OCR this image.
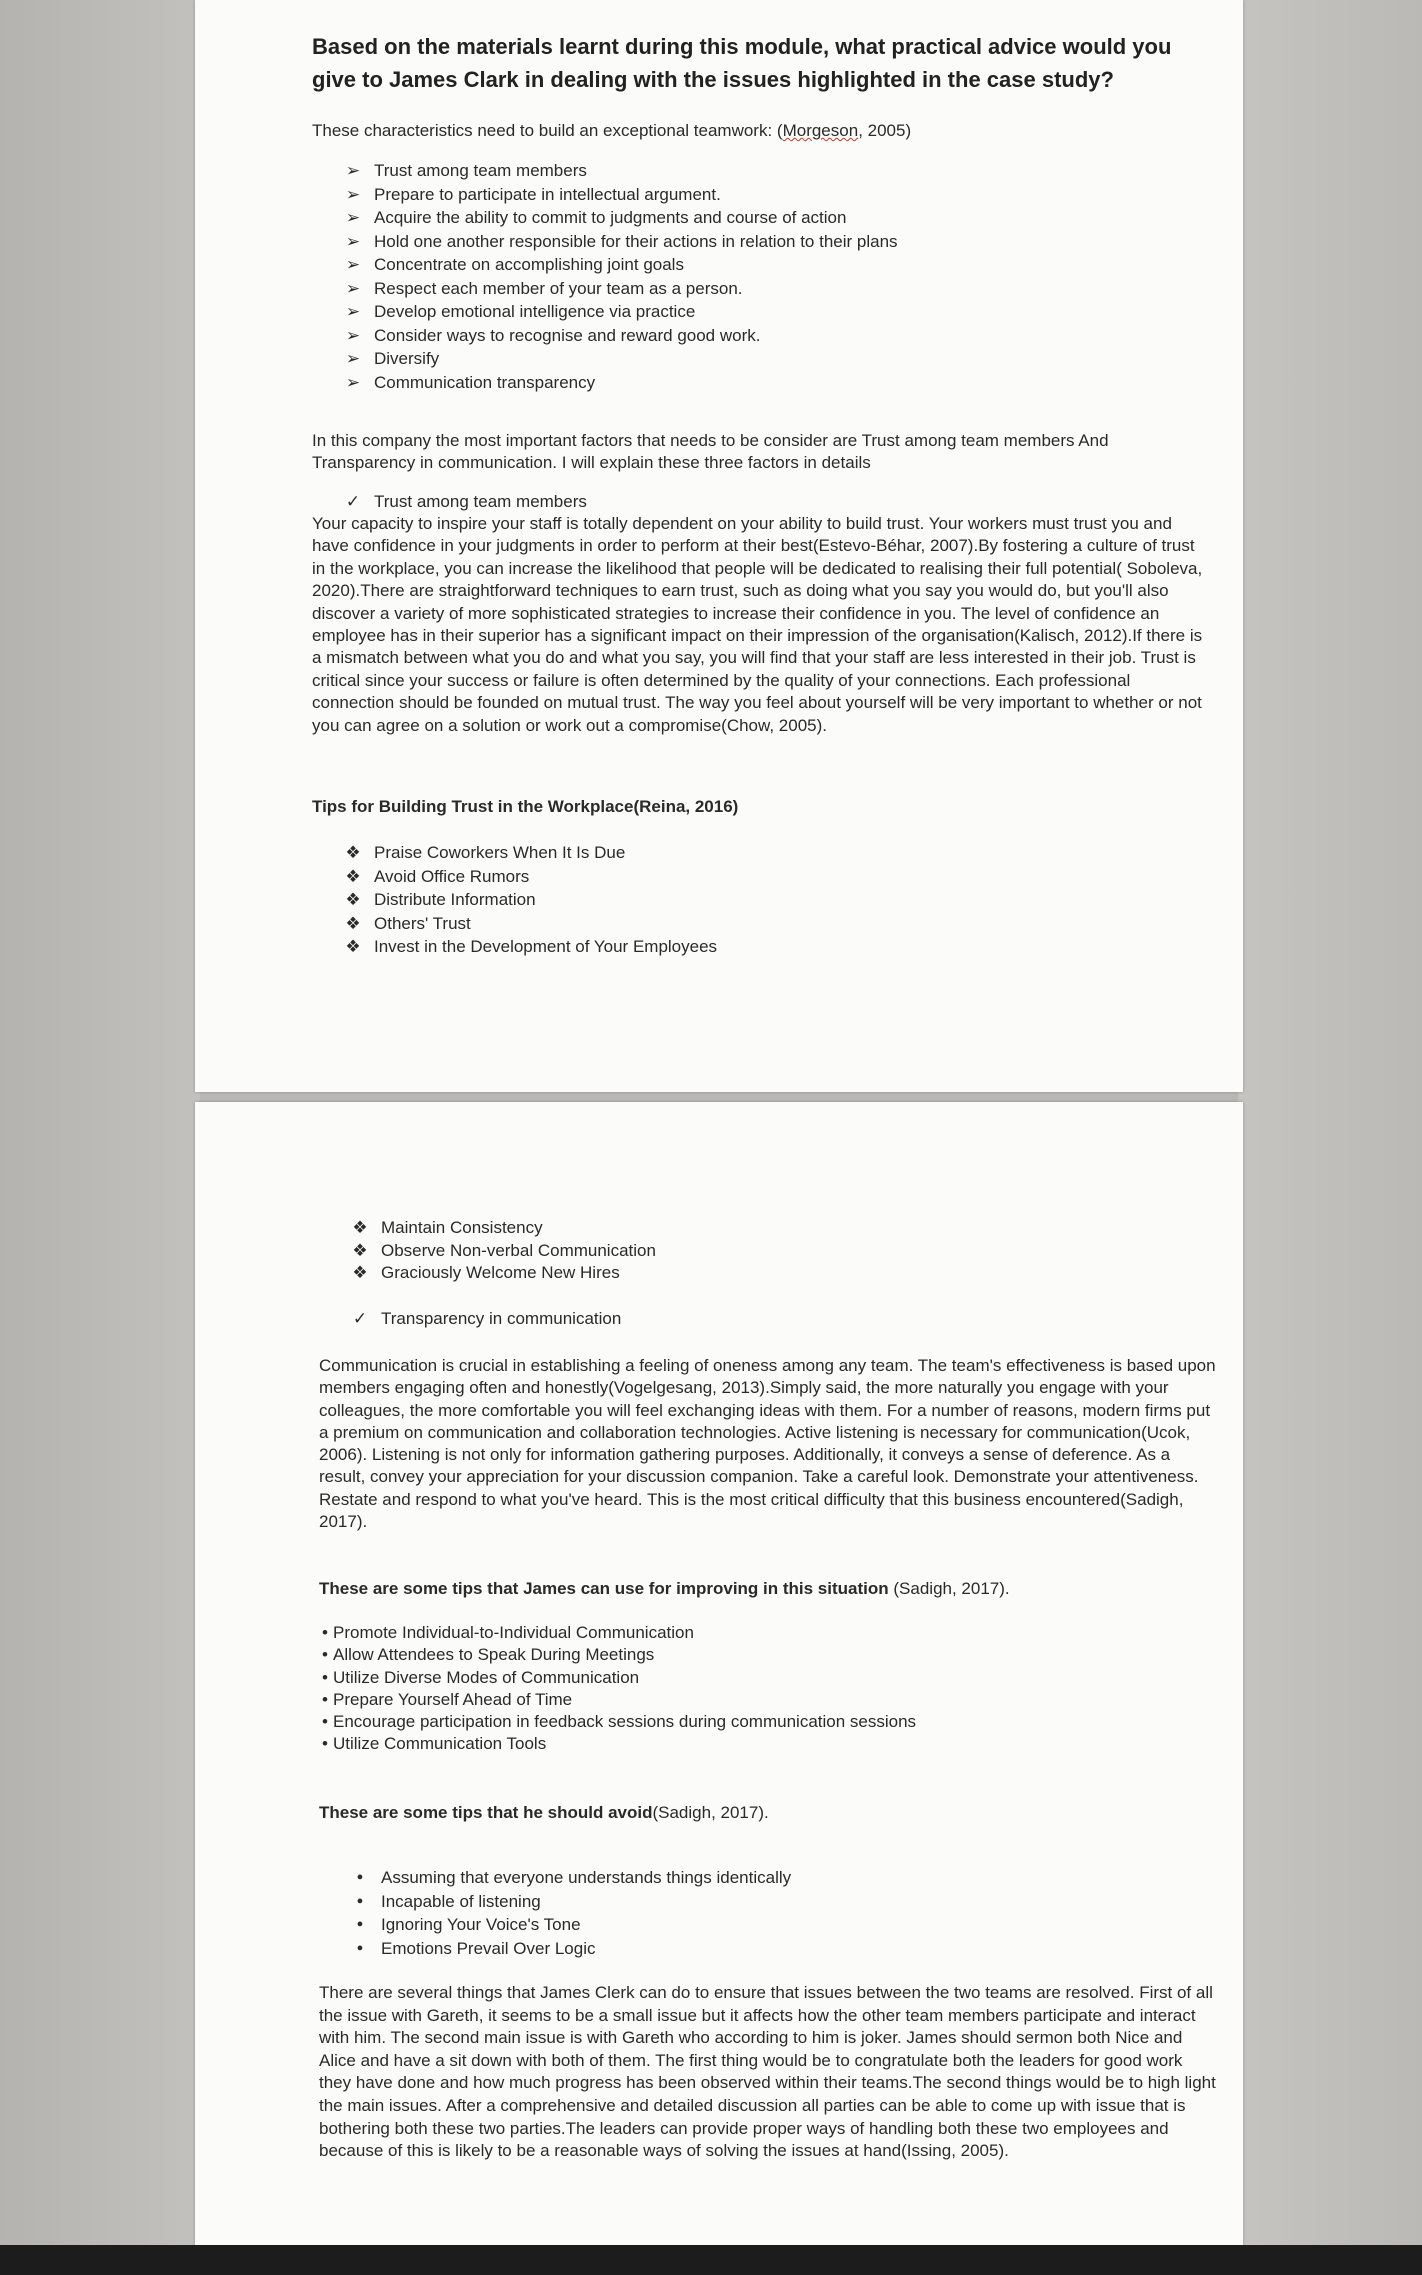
Based on the materials learnt during this module, what practical advice would you give to James Clark in dealing with the issues highlighted in the case study?

These characteristics need to build an exceptional teamwork: (Morgeson, 2005)

➢ Trust among team members
➢ Prepare to participate in intellectual argument.
➢ Acquire the ability to commit to judgments and course of action
➢ Hold one another responsible for their actions in relation to their plans
➢ Concentrate on accomplishing joint goals
➢ Respect each member of your team as a person.
➢ Develop emotional intelligence via practice
➢ Consider ways to recognise and reward good work.
➢ Diversify
➢ Communication transparency

In this company the most important factors that needs to be consider are Trust among team members And Transparency in communication. I will explain these three factors in details

✓ Trust among team members

Your capacity to inspire your staff is totally dependent on your ability to build trust. Your workers must trust you and have confidence in your judgments in order to perform at their best(Estevo-Béhar, 2007).By fostering a culture of trust in the workplace, you can increase the likelihood that people will be dedicated to realising their full potential( Soboleva, 2020).There are straightforward techniques to earn trust, such as doing what you say you would do, but you'll also discover a variety of more sophisticated strategies to increase their confidence in you. The level of confidence an employee has in their superior has a significant impact on their impression of the organisation(Kalisch, 2012).If there is a mismatch between what you do and what you say, you will find that your staff are less interested in their job. Trust is critical since your success or failure is often determined by the quality of your connections. Each professional connection should be founded on mutual trust. The way you feel about yourself will be very important to whether or not you can agree on a solution or work out a compromise(Chow, 2005).

Tips for Building Trust in the Workplace(Reina, 2016)

❖ Praise Coworkers When It Is Due
❖ Avoid Office Rumors
❖ Distribute Information
❖ Others' Trust
❖ Invest in the Development of Your Employees
❖ Maintain Consistency
❖ Observe Non-verbal Communication
❖ Graciously Welcome New Hires
✓ Transparency in communication

Communication is crucial in establishing a feeling of oneness among any team. The team's effectiveness is based upon members engaging often and honestly(Vogelgesang, 2013).Simply said, the more naturally you engage with your colleagues, the more comfortable you will feel exchanging ideas with them. For a number of reasons, modern firms put a premium on communication and collaboration technologies. Active listening is necessary for communication(Ucok, 2006). Listening is not only for information gathering purposes. Additionally, it conveys a sense of deference. As a result, convey your appreciation for your discussion companion. Take a careful look. Demonstrate your attentiveness. Restate and respond to what you've heard. This is the most critical difficulty that this business encountered(Sadigh, 2017).

These are some tips that James can use for improving in this situation (Sadigh, 2017).

• Promote Individual-to-Individual Communication
• Allow Attendees to Speak During Meetings
• Utilize Diverse Modes of Communication
• Prepare Yourself Ahead of Time
• Encourage participation in feedback sessions during communication sessions
• Utilize Communication Tools

These are some tips that he should avoid(Sadigh, 2017).

●	Assuming that everyone understands things identically
●	Incapable of listening
●	Ignoring Your Voice's Tone
●	Emotions Prevail Over Logic

There are several things that James Clerk can do to ensure that issues between the two teams are resolved. First of all the issue with Gareth, it seems to be a small issue but it affects how the other team members participate and interact with him. The second main issue is with Gareth who according to him is joker. James should sermon both Nice and Alice and have a sit down with both of them. The first thing would be to congratulate both the leaders for good work they have done and how much progress has been observed within their teams.The second things would be to high light the main issues. After a comprehensive and detailed discussion all parties can be able to come up with issue that is bothering both these two parties.The leaders can provide proper ways of handling both these two employees and because of this is likely to be a reasonable ways of solving the issues at hand(Issing, 2005).
